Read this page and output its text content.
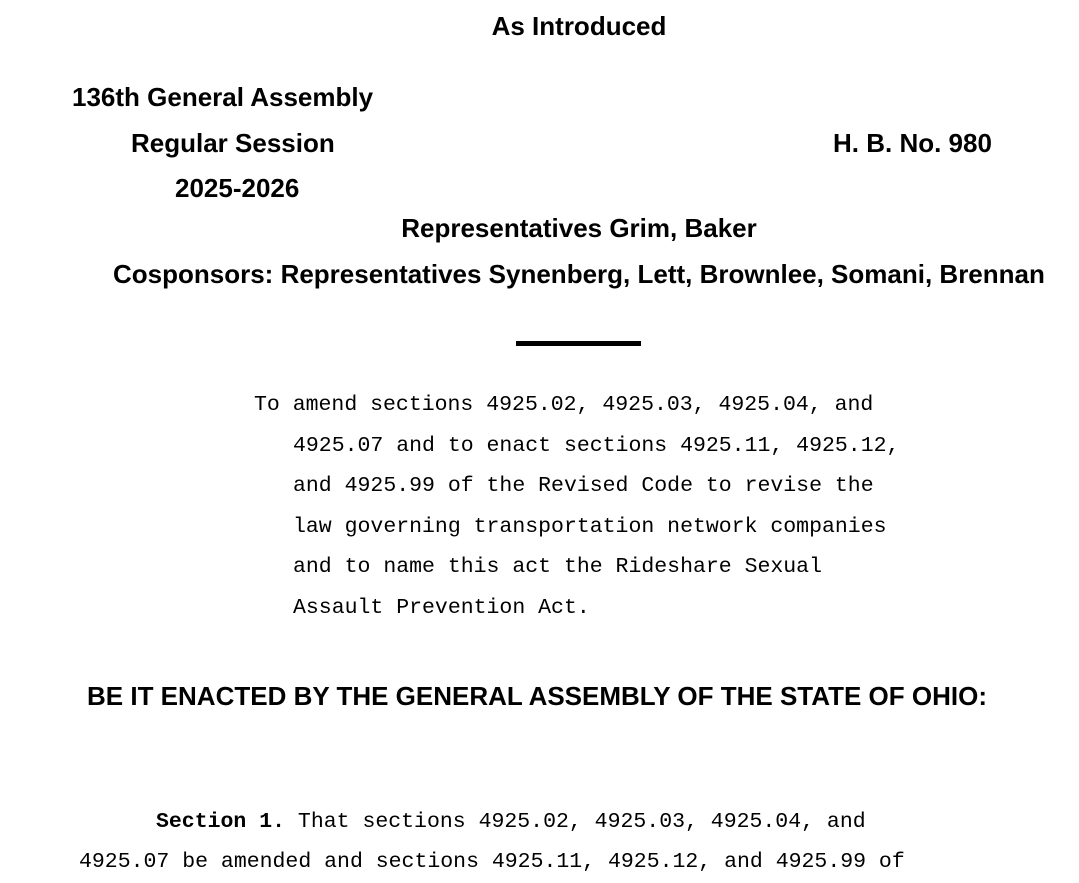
As Introduced
136th General Assembly
Regular Session
2025-2026
H. B. No. 980
Representatives Grim, Baker
Cosponsors: Representatives Synenberg, Lett, Brownlee, Somani, Brennan
To amend sections 4925.02, 4925.03, 4925.04, and
4925.07 and to enact sections 4925.11, 4925.12,
and 4925.99 of the Revised Code to revise the
law governing transportation network companies
and to name this act the Rideshare Sexual
Assault Prevention Act.
BE IT ENACTED BY THE GENERAL ASSEMBLY OF THE STATE OF OHIO:
Section 1. That sections 4925.02, 4925.03, 4925.04, and
4925.07 be amended and sections 4925.11, 4925.12, and 4925.99 of
